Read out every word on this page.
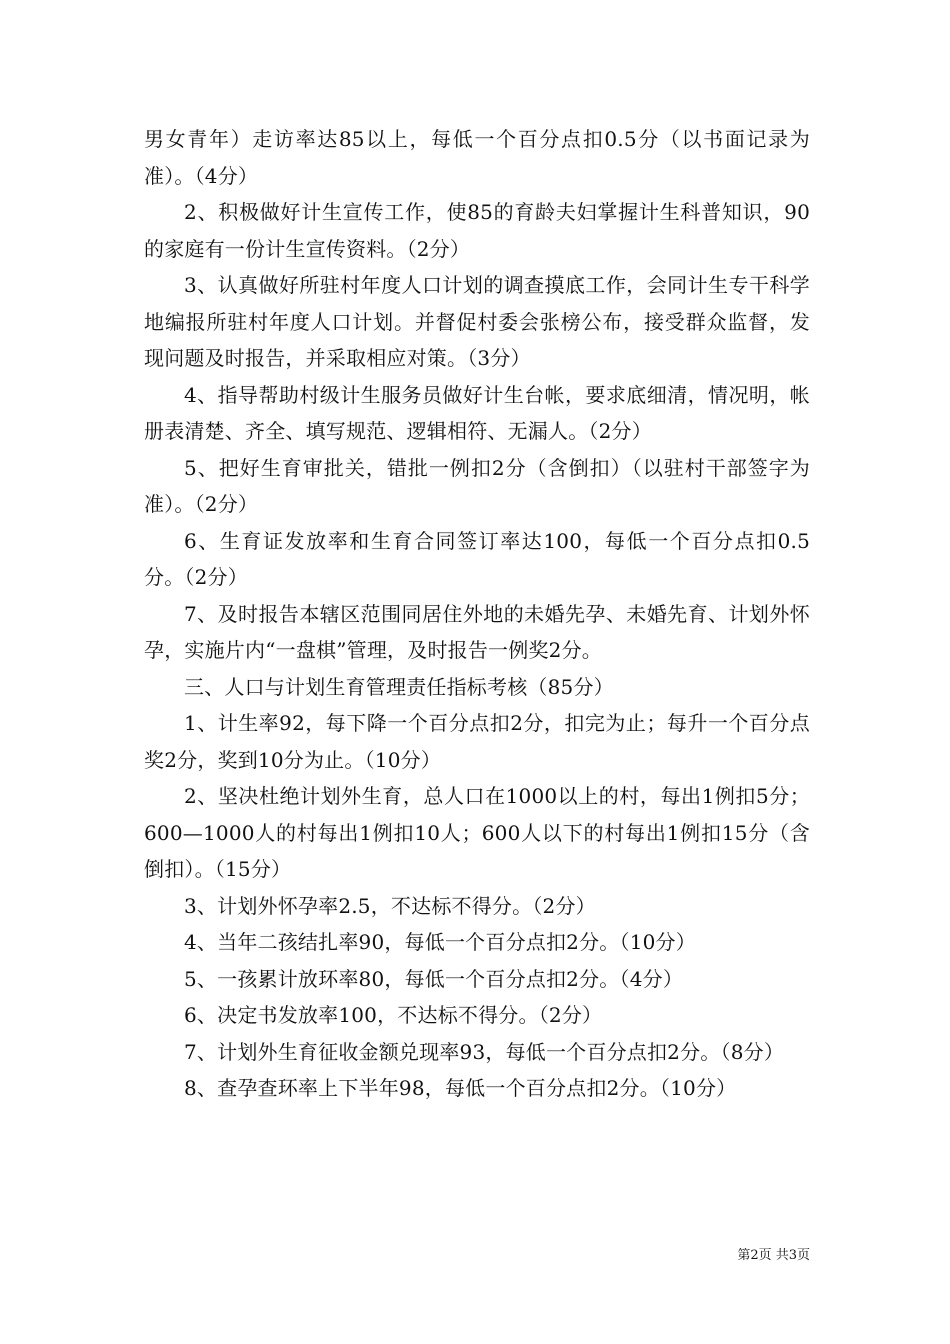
男女青年）走访率达85以上，每低一个百分点扣0.5分（以书面记录为准）。（4分）

2、积极做好计生宣传工作，使85的育龄夫妇掌握计生科普知识，90的家庭有一份计生宣传资料。（2分）

3、认真做好所驻村年度人口计划的调查摸底工作，会同计生专干科学地编报所驻村年度人口计划。并督促村委会张榜公布，接受群众监督，发现问题及时报告，并采取相应对策。（3分）

4、指导帮助村级计生服务员做好计生台帐，要求底细清，情况明，帐册表清楚、齐全、填写规范、逻辑相符、无漏人。（2分）

5、把好生育审批关，错批一例扣2分（含倒扣）（以驻村干部签字为准）。（2分）

6、生育证发放率和生育合同签订率达100，每低一个百分点扣0.5分。（2分）

7、及时报告本辖区范围同居住外地的未婚先孕、未婚先育、计划外怀孕，实施片内“一盘棋”管理，及时报告一例奖2分。

三、人口与计划生育管理责任指标考核（85分）

1、计生率92，每下降一个百分点扣2分，扣完为止；每升一个百分点奖2分，奖到10分为止。（10分）

2、坚决杜绝计划外生育，总人口在1000以上的村，每出1例扣5分；600—1000人的村每出1例扣10人；600人以下的村每出1例扣15分（含倒扣）。（15分）

3、计划外怀孕率2.5，不达标不得分。（2分）

4、当年二孩结扎率90，每低一个百分点扣2分。（10分）

5、一孩累计放环率80，每低一个百分点扣2分。（4分）

6、决定书发放率100，不达标不得分。（2分）

7、计划外生育征收金额兑现率93，每低一个百分点扣2分。（8分）

8、查孕查环率上下半年98，每低一个百分点扣2分。（10分）

第2页 共3页
